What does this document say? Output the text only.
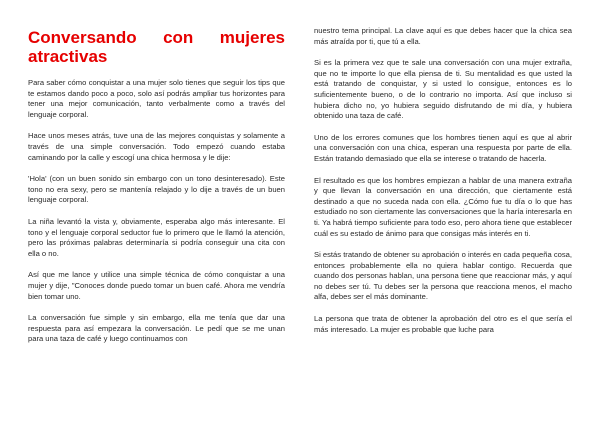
Conversando con mujeres
atractivas

Para saber cómo conquistar a una mujer solo tienes que seguir los tips que te estamos dando poco a poco, solo así podrás ampliar tus horizontes para tener una mejor comunicación, tanto verbalmente como a través del lenguaje corporal.

Hace unos meses atrás, tuve una de las mejores conquistas y solamente a través de una simple conversación. Todo empezó cuando estaba caminando por la calle y escogí una chica hermosa y le dije:

'Hola' (con un buen sonido sin embargo con un tono desinteresado). Este tono no era sexy, pero se mantenía relajado y lo dije a través de un buen lenguaje corporal.

La niña levantó la vista y, obviamente, esperaba algo más interesante. El tono y el lenguaje corporal seductor fue lo primero que le llamó la atención, pero las próximas palabras determinaría si podría conseguir una cita con ella o no.

Así que me lance y utilice una simple técnica de cómo conquistar a una mujer y dije, "Conoces donde puedo tomar un buen café. Ahora me vendría bien tomar uno.

La conversación fue simple y sin embargo, ella me tenía que dar una respuesta para así empezara la conversación. Le pedí que se me unan para una taza de café y luego continuamos con

nuestro tema principal. La clave aquí es que debes hacer que la chica sea más atraída por ti, que tú a ella.

Si es la primera vez que te sale una conversación con una mujer extraña, que no te importe lo que ella piensa de ti. Su mentalidad es que usted la está tratando de conquistar, y si usted lo consigue, entonces es lo suficientemente bueno, o de lo contrario no importa. Así que incluso si hubiera dicho no, yo hubiera seguido disfrutando de mi día, y hubiera obtenido una taza de café.

Uno de los errores comunes que los hombres tienen aquí es que al abrir una conversación con una chica, esperan una respuesta por parte de ella. Están tratando demasiado que ella se interese o tratando de hacerla.

El resultado es que los hombres empiezan a hablar de una manera extraña y que llevan la conversación en una dirección, que ciertamente está destinado a que no suceda nada con ella. ¿Cómo fue tu día o lo que has estudiado no son ciertamente las conversaciones que la haría interesarla en ti. Ya habrá tiempo suficiente para todo eso, pero ahora tiene que establecer cuál es su estado de ánimo para que consigas más interés en ti.

Si estás tratando de obtener su aprobación o interés en cada pequeña cosa, entonces probablemente ella no quiera hablar contigo. Recuerda que cuando dos personas hablan, una persona tiene que reaccionar más, y aquí no debes ser tú. Tu debes ser la persona que reacciona menos, el macho alfa, debes ser el más dominante.

La persona que trata de obtener la aprobación del otro es el que sería el más interesado. La mujer es probable que luche para
